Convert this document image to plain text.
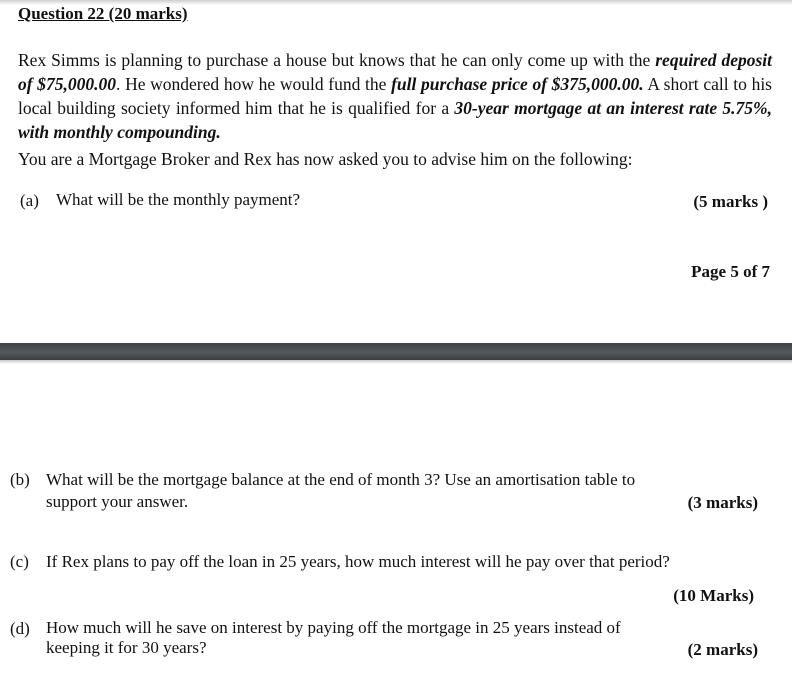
Question 22 (20 marks)
Rex Simms is planning to purchase a house but knows that he can only come up with the required deposit of $75,000.00. He wondered how he would fund the full purchase price of $375,000.00. A short call to his local building society informed him that he is qualified for a 30-year mortgage at an interest rate 5.75%, with monthly compounding.
You are a Mortgage Broker and Rex has now asked you to advise him on the following:
(a) What will be the monthly payment?	(5 marks )
Page 5 of 7
(b) What will be the mortgage balance at the end of month 3? Use an amortisation table to
support your answer.	(3 marks)
(c) If Rex plans to pay off the loan in 25 years, how much interest will he pay over that period?
(10 Marks)
(d) How much will he save on interest by paying off the mortgage in 25 years instead of
keeping it for 30 years?	(2 marks)
